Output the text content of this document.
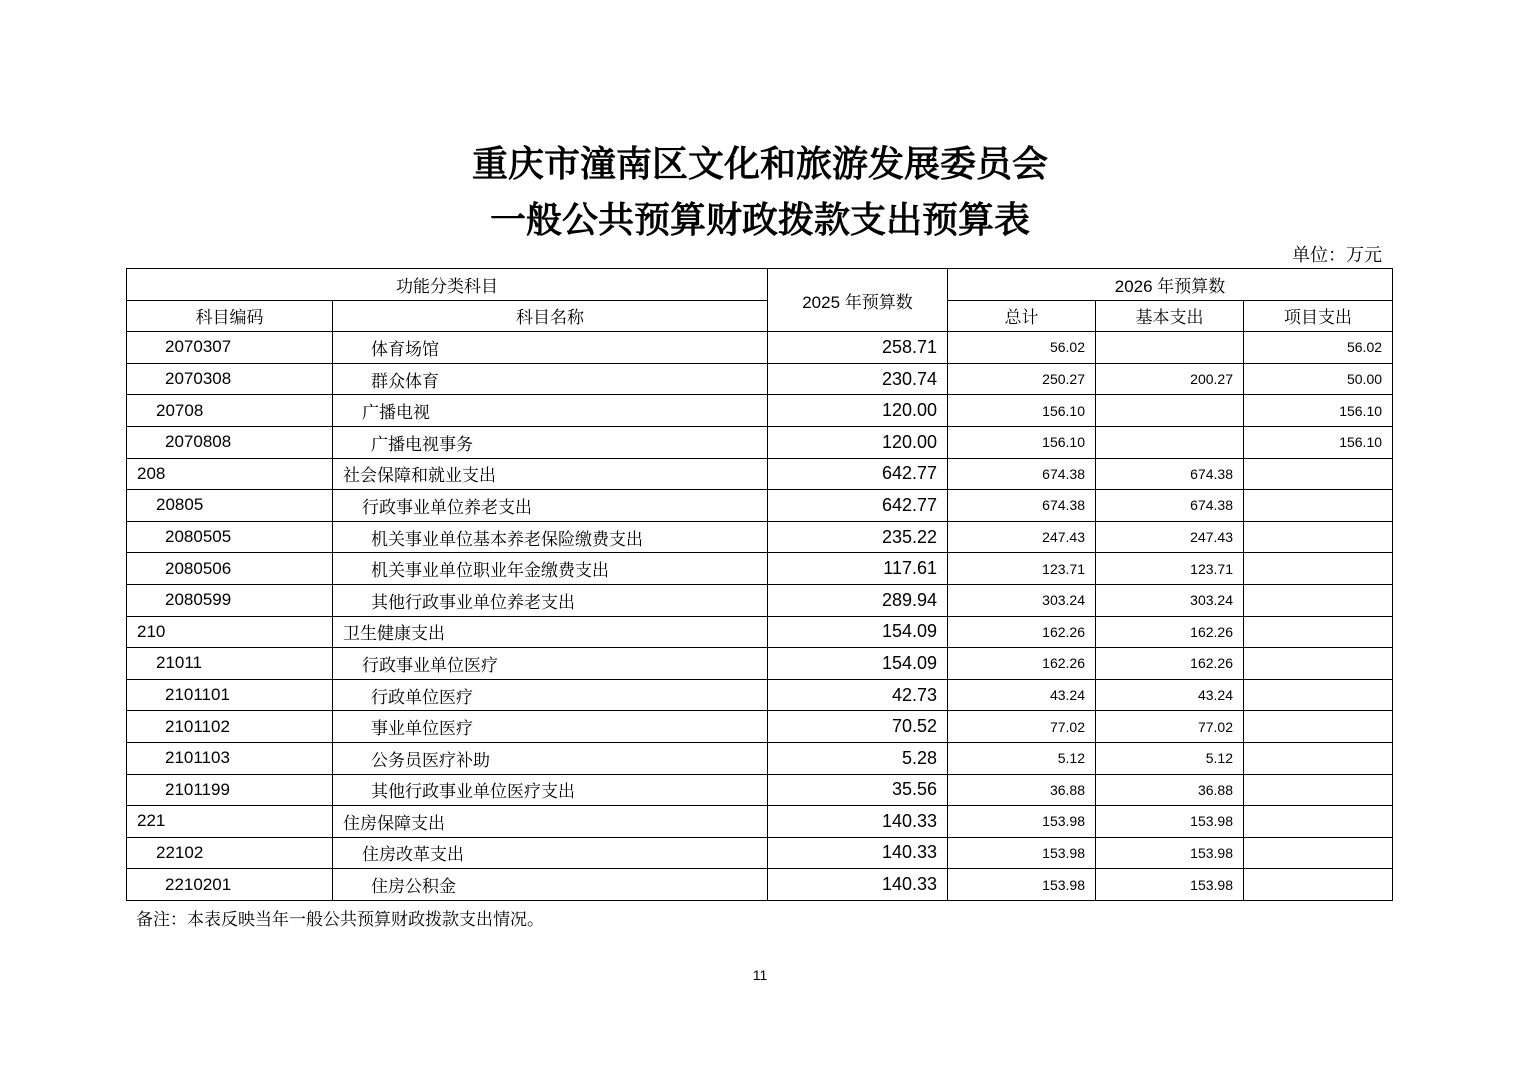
重庆市潼南区文化和旅游发展委员会
一般公共预算财政拨款支出预算表
单位：万元
功能分类科目		2025 年预算数	2026 年预算数		
科目编码	科目名称		总计	基本支出	项目支出
2070307	体育场馆	258.71	56.02		56.02
2070308	群众体育	230.74	250.27	200.27	50.00
20708	广播电视	120.00	156.10		156.10
2070808	广播电视事务	120.00	156.10		156.10
208	社会保障和就业支出	642.77	674.38	674.38	
20805	行政事业单位养老支出	642.77	674.38	674.38	
2080505	机关事业单位基本养老保险缴费支出	235.22	247.43	247.43	
2080506	机关事业单位职业年金缴费支出	117.61	123.71	123.71	
2080599	其他行政事业单位养老支出	289.94	303.24	303.24	
210	卫生健康支出	154.09	162.26	162.26	
21011	行政事业单位医疗	154.09	162.26	162.26	
2101101	行政单位医疗	42.73	43.24	43.24	
2101102	事业单位医疗	70.52	77.02	77.02	
2101103	公务员医疗补助	5.28	5.12	5.12	
2101199	其他行政事业单位医疗支出	35.56	36.88	36.88	
221	住房保障支出	140.33	153.98	153.98	
22102	住房改革支出	140.33	153.98	153.98	
2210201	住房公积金	140.33	153.98	153.98	
备注：本表反映当年一般公共预算财政拨款支出情况。
11
